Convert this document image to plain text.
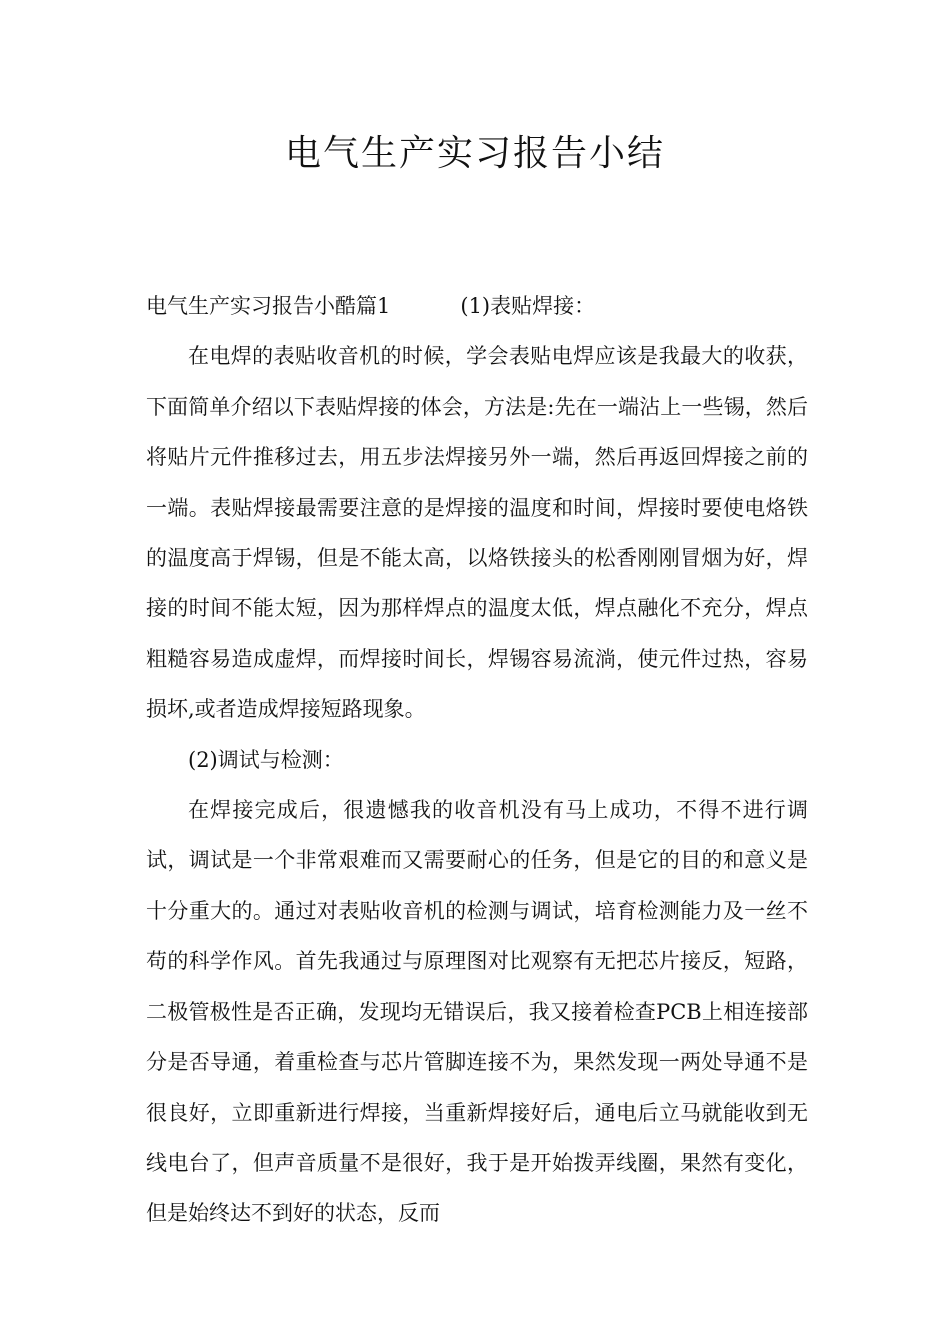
电气生产实习报告小结

电气生产实习报告小酷篇1	(1)表贴焊接：

在电焊的表贴收音机的时候，学会表贴电焊应该是我最大的收获，下面简单介绍以下表贴焊接的体会，方法是:先在一端沾上一些锡，然后将贴片元件推移过去，用五步法焊接另外一端，然后再返回焊接之前的一端。表贴焊接最需要注意的是焊接的温度和时间，焊接时要使电烙铁的温度高于焊锡，但是不能太高，以烙铁接头的松香刚刚冒烟为好，焊接的时间不能太短，因为那样焊点的温度太低，焊点融化不充分，焊点粗糙容易造成虚焊，而焊接时间长，焊锡容易流淌，使元件过热，容易损坏,或者造成焊接短路现象。

(2)调试与检测：

在焊接完成后，很遗憾我的收音机没有马上成功，不得不进行调试，调试是一个非常艰难而又需要耐心的任务，但是它的目的和意义是十分重大的。通过对表贴收音机的检测与调试，培育检测能力及一丝不苟的科学作风。首先我通过与原理图对比观察有无把芯片接反，短路，二极管极性是否正确，发现均无错误后，我又接着检查PCB上相连接部分是否导通，着重检查与芯片管脚连接不为，果然发现一两处导通不是很良好，立即重新进行焊接，当重新焊接好后，通电后立马就能收到无线电台了，但声音质量不是很好，我于是开始拨弄线圈，果然有变化，但是始终达不到好的状态，反而
